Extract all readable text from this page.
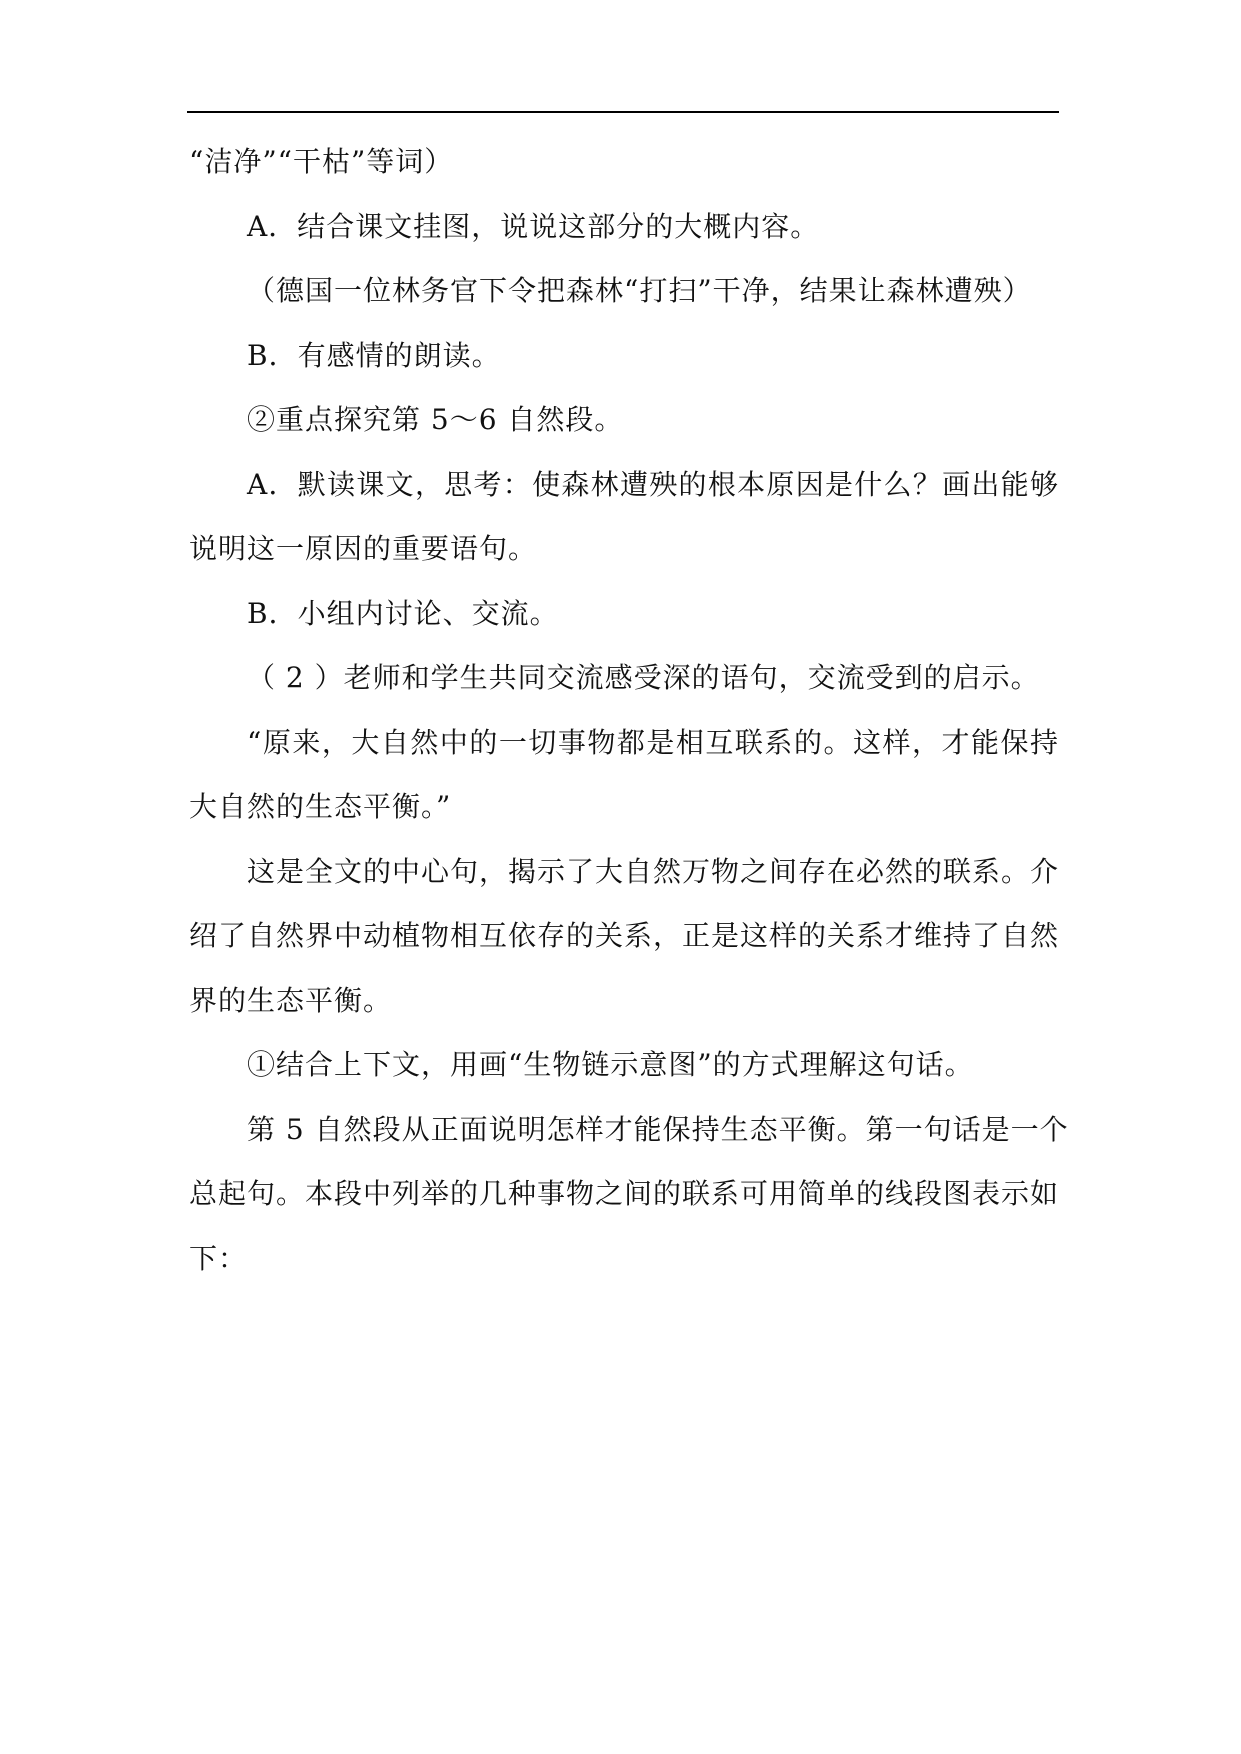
“洁净”“干枯”等词）
A．结合课文挂图，说说这部分的大概内容。
（德国一位林务官下令把森林“打扫”干净，结果让森林遭殃）
B．有感情的朗读。
②重点探究第 5～6 自然段。
A．默读课文，思考：使森林遭殃的根本原因是什么？画出能够
说明这一原因的重要语句。
B．小组内讨论、交流。
（ 2 ）老师和学生共同交流感受深的语句，交流受到的启示。
“原来，大自然中的一切事物都是相互联系的。这样，才能保持
大自然的生态平衡。”
这是全文的中心句，揭示了大自然万物之间存在必然的联系。介
绍了自然界中动植物相互依存的关系，正是这样的关系才维持了自然
界的生态平衡。
①结合上下文，用画“生物链示意图”的方式理解这句话。
第 5 自然段从正面说明怎样才能保持生态平衡。第一句话是一个
总起句。本段中列举的几种事物之间的联系可用简单的线段图表示如
下：
